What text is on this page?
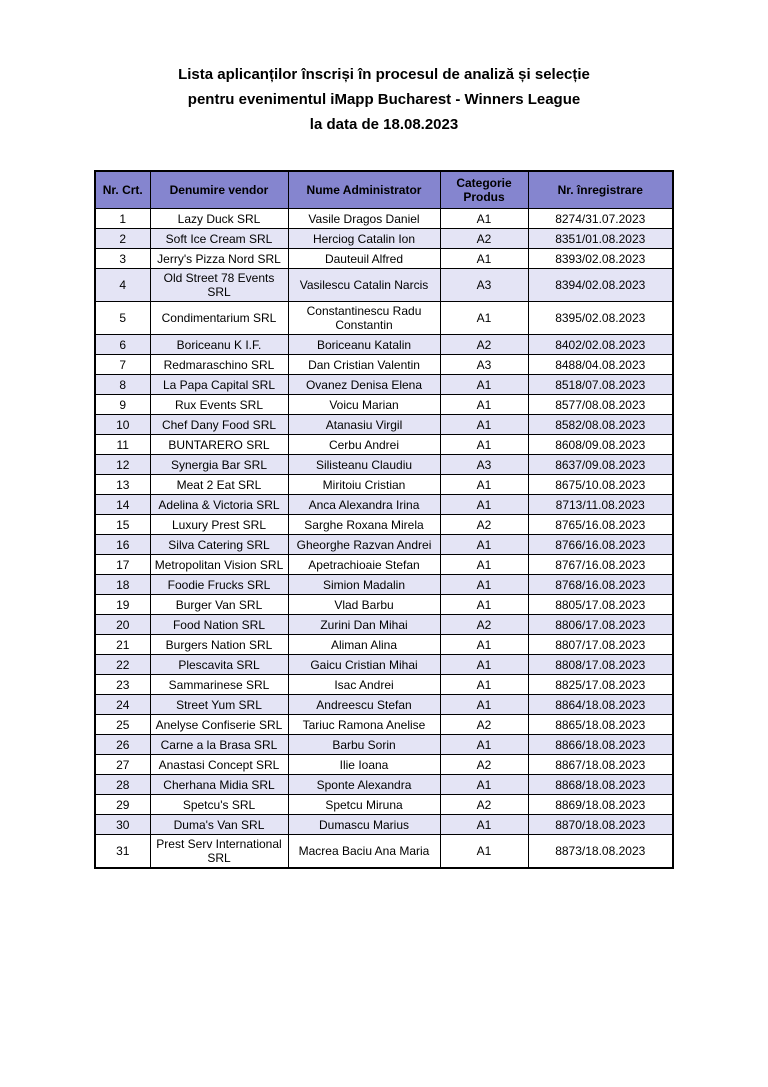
Lista aplicanților înscriși în procesul de analiză și selecție
pentru evenimentul iMapp Bucharest - Winners League
la data de 18.08.2023
Nr. Crt.	Denumire vendor	Nume Administrator	Categorie Produs	Nr. înregistrare
1	Lazy Duck SRL	Vasile Dragos Daniel	A1	8274/31.07.2023
2	Soft Ice Cream SRL	Herciog Catalin Ion	A2	8351/01.08.2023
3	Jerry's Pizza Nord SRL	Dauteuil Alfred	A1	8393/02.08.2023
4	Old Street 78 Events SRL	Vasilescu Catalin Narcis	A3	8394/02.08.2023
5	Condimentarium SRL	Constantinescu Radu Constantin	A1	8395/02.08.2023
6	Boriceanu K I.F.	Boriceanu Katalin	A2	8402/02.08.2023
7	Redmaraschino SRL	Dan Cristian Valentin	A3	8488/04.08.2023
8	La Papa Capital SRL	Ovanez Denisa Elena	A1	8518/07.08.2023
9	Rux Events SRL	Voicu Marian	A1	8577/08.08.2023
10	Chef Dany Food SRL	Atanasiu Virgil	A1	8582/08.08.2023
11	BUNTARERO SRL	Cerbu Andrei	A1	8608/09.08.2023
12	Synergia Bar SRL	Silisteanu Claudiu	A3	8637/09.08.2023
13	Meat 2 Eat SRL	Miritoiu Cristian	A1	8675/10.08.2023
14	Adelina & Victoria SRL	Anca Alexandra Irina	A1	8713/11.08.2023
15	Luxury Prest SRL	Sarghe Roxana Mirela	A2	8765/16.08.2023
16	Silva Catering SRL	Gheorghe Razvan Andrei	A1	8766/16.08.2023
17	Metropolitan Vision SRL	Apetrachioaie Stefan	A1	8767/16.08.2023
18	Foodie Frucks SRL	Simion Madalin	A1	8768/16.08.2023
19	Burger Van SRL	Vlad Barbu	A1	8805/17.08.2023
20	Food Nation SRL	Zurini Dan Mihai	A2	8806/17.08.2023
21	Burgers Nation SRL	Aliman Alina	A1	8807/17.08.2023
22	Plescavita SRL	Gaicu Cristian Mihai	A1	8808/17.08.2023
23	Sammarinese SRL	Isac Andrei	A1	8825/17.08.2023
24	Street Yum SRL	Andreescu Stefan	A1	8864/18.08.2023
25	Anelyse Confiserie SRL	Tariuc Ramona Anelise	A2	8865/18.08.2023
26	Carne a la Brasa SRL	Barbu Sorin	A1	8866/18.08.2023
27	Anastasi Concept SRL	Ilie Ioana	A2	8867/18.08.2023
28	Cherhana Midia SRL	Sponte Alexandra	A1	8868/18.08.2023
29	Spetcu's SRL	Spetcu Miruna	A2	8869/18.08.2023
30	Duma's Van SRL	Dumascu Marius	A1	8870/18.08.2023
31	Prest Serv International SRL	Macrea Baciu Ana Maria	A1	8873/18.08.2023
